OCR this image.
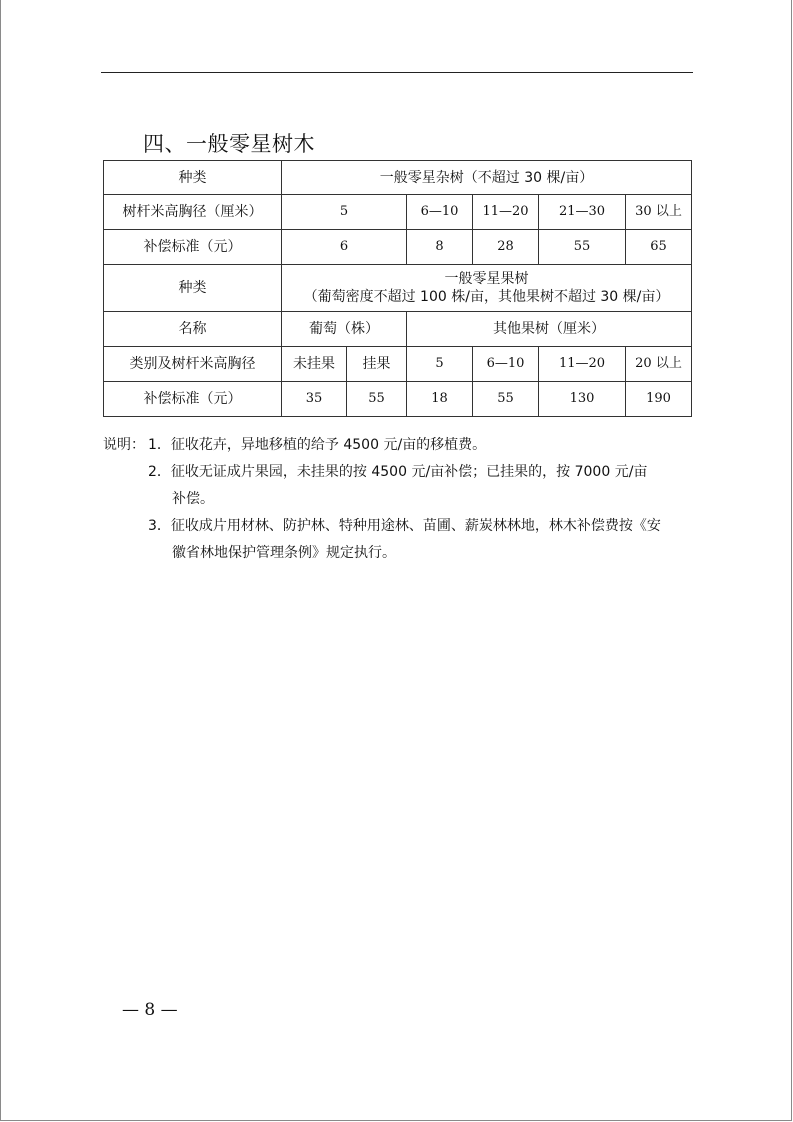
四、一般零星树木
种类	一般零星杂树（不超过 30 棵/亩）					
树杆米高胸径（厘米）	5		6—10	11—20	21—30	30 以上
补偿标准（元）	6		8	28	55	65
种类	一般零星果树
（葡萄密度不超过 100 株/亩，其他果树不超过 30 棵/亩）					

名称	葡萄（株）		其他果树（厘米）			
类别及树杆米高胸径	未挂果	挂果	5	6—10	11—20	20 以上
补偿标准（元）	35	55	18	55	130	190
说明： 1．征收花卉，异地移植的给予 4500 元/亩的移植费。
2．征收无证成片果园，未挂果的按 4500 元/亩补偿；已挂果的，按 7000 元/亩
补偿。
3．征收成片用材林、防护林、特种用途林、苗圃、薪炭林林地，林木补偿费按《安
徽省林地保护管理条例》规定执行。
— 8 —
